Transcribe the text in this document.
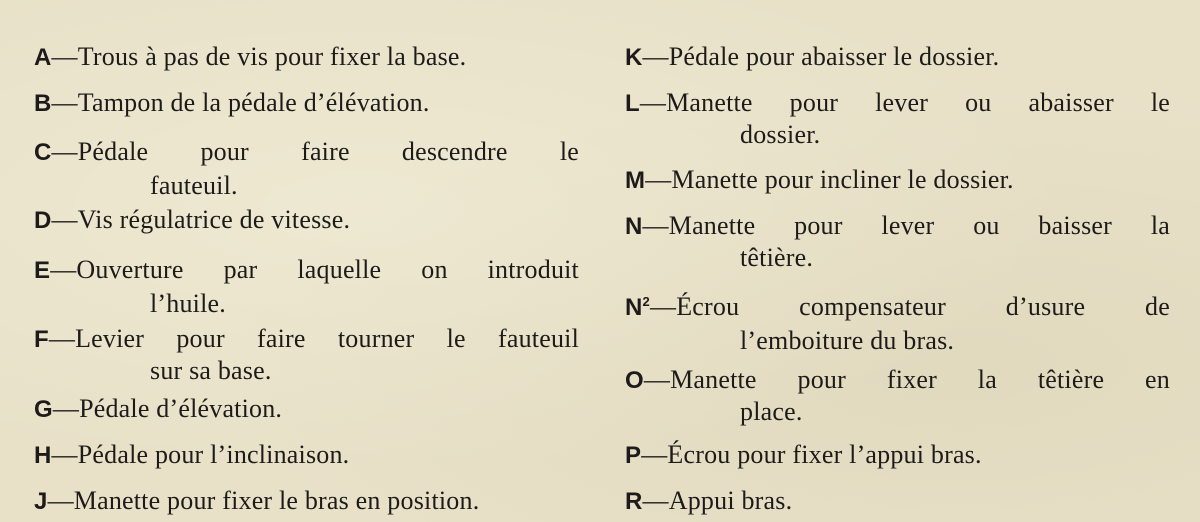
A—Trous à pas de vis pour fixer la base.
B—Tampon de la pédale d’élévation.
C—Pédale pour faire descendre le
fauteuil.
D—Vis régulatrice de vitesse.
E—Ouverture par laquelle on introduit
l’huile.
F—Levier pour faire tourner le fauteuil
sur sa base.
G—Pédale d’élévation.
H—Pédale pour l’inclinaison.
J—Manette pour fixer le bras en position.
K—Pédale pour abaisser le dossier.
L—Manette pour lever ou abaisser le
dossier.
M—Manette pour incliner le dossier.
N—Manette pour lever ou baisser la
têtière.
$N^2—Écrou$ compensateur d’usure de
l’emboiture du bras.
O—Manette pour fixer la têtière en
place.
P—Écrou pour fixer l’appui bras.
R—Appui bras.
